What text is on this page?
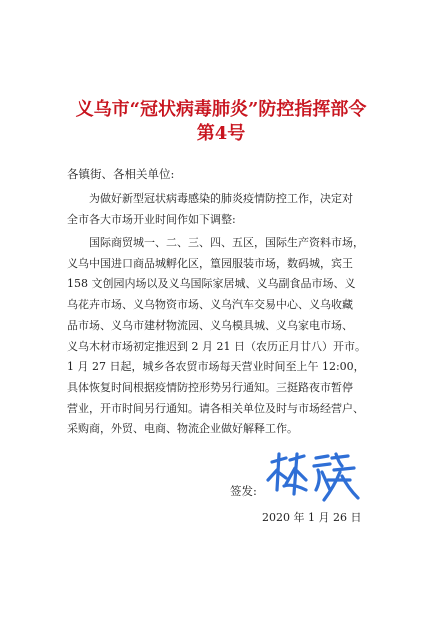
义乌市“冠状病毒肺炎”防控指挥部令
第4号
各镇街、各相关单位:
为做好新型冠状病毒感染的肺炎疫情防控工作，决定对
全市各大市场开业时间作如下调整:
国际商贸城一、二、三、四、五区，国际生产资料市场，
义乌中国进口商品城孵化区，篁园服装市场，数码城，宾王
158 文创园内场以及义乌国际家居城、义乌副食品市场、义
乌花卉市场、义乌物资市场、义乌汽车交易中心、义乌收藏
品市场、义乌市建材物流园、义乌模具城、义乌家电市场、
义乌木材市场初定推迟到 2 月 21 日（农历正月廿八）开市。
1 月 27 日起，城乡各农贸市场每天营业时间至上午 12:00，
具体恢复时间根据疫情防控形势另行通知。三挺路夜市暂停
营业，开市时间另行通知。请各相关单位及时与市场经营户、
采购商，外贸、电商、物流企业做好解释工作。
签发:
2020 年 1 月 26 日
